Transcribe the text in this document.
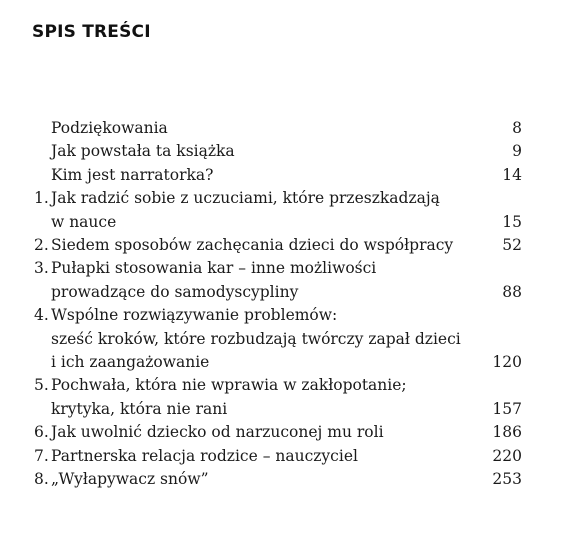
SPIS TREŚCI
Podziękowania	8
Jak powstała ta książka	9
Kim jest narratorka?	14
1. Jak radzić sobie z uczuciami, które przeszkadzają
w nauce	15
2. Siedem sposobów zachęcania dzieci do współpracy	52
3. Pułapki stosowania kar – inne możliwości
prowadzące do samodyscypliny	88
4. Wspólne rozwiązywanie problemów:
sześć kroków, które rozbudzają twórczy zapał dzieci
i ich zaangażowanie	120
5. Pochwała, która nie wprawia w zakłopotanie;
krytyka, która nie rani	157
6. Jak uwolnić dziecko od narzuconej mu roli	186
7. Partnerska relacja rodzice – nauczyciel	220
8. „Wyłapywacz snów”	253
